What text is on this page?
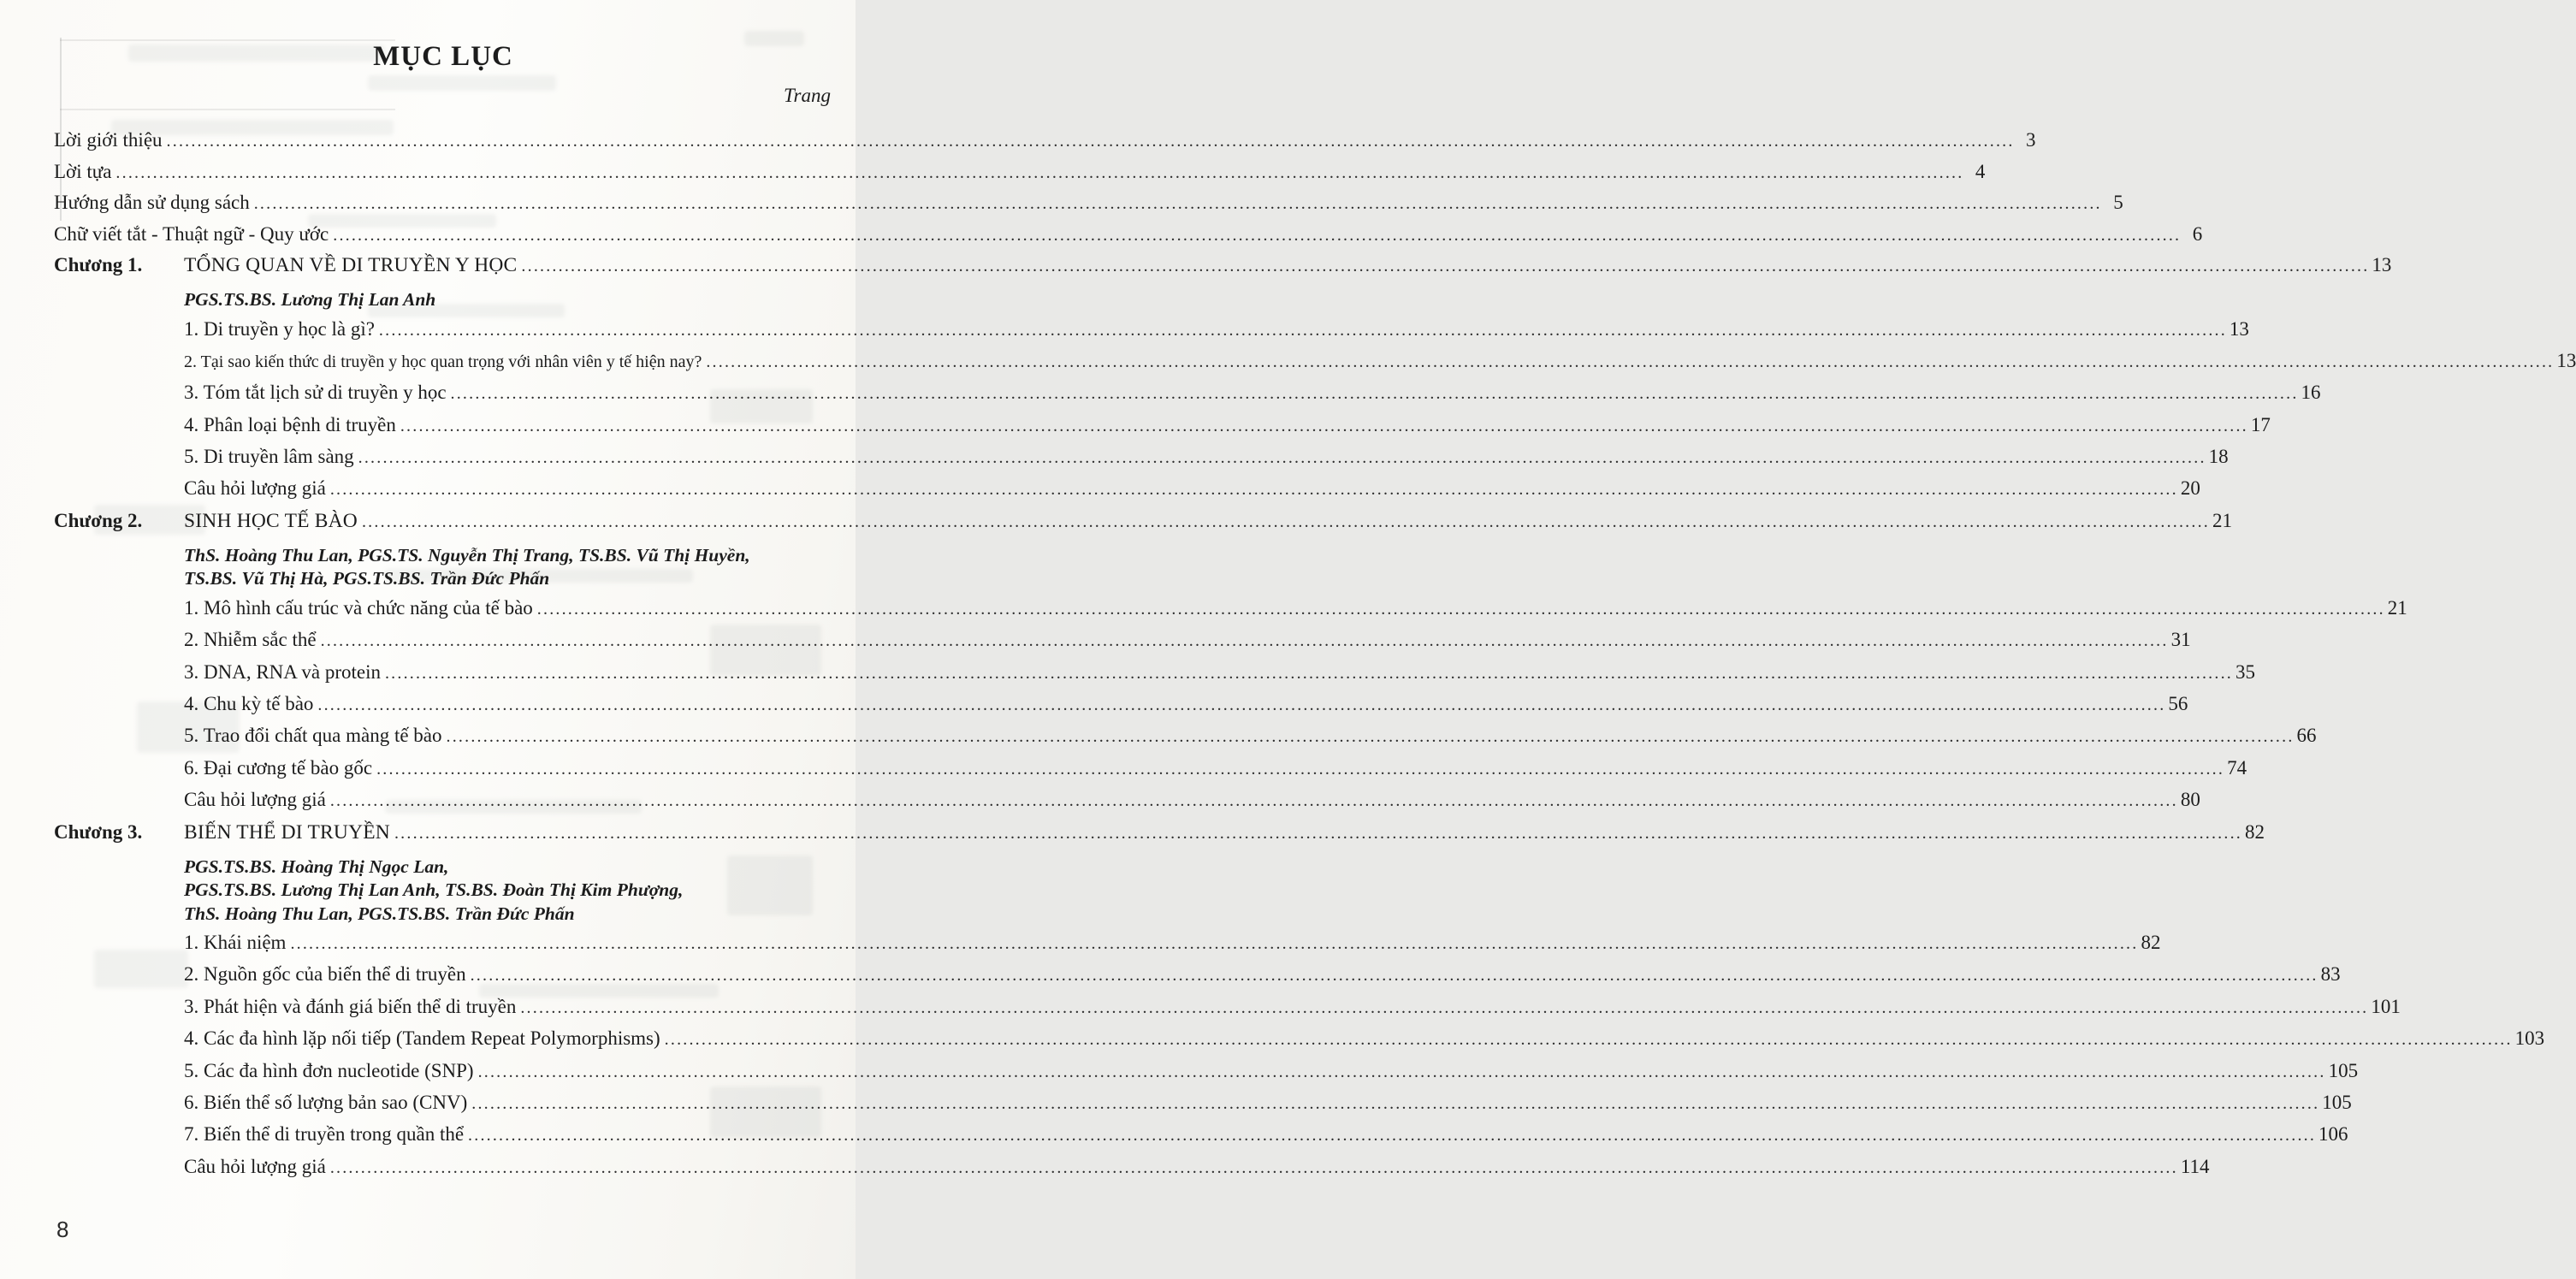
MỤC LỤC
Trang
Lời giới thiệu ............................................................................................................................................................................................................................................................................................................ 3
Lời tựa ............................................................................................................................................................................................................................................................................................................ 4
Hướng dẫn sử dụng sách ............................................................................................................................................................................................................................................................................................................ 5
Chữ viết tắt - Thuật ngữ - Quy ước ............................................................................................................................................................................................................................................................................................................ 6
Chương 1.	TỔNG QUAN VỀ DI TRUYỀN Y HỌC ............................................................................................................................................................................................................................................................................................................ 13
PGS.TS.BS. Lương Thị Lan Anh
1. Di truyền y học là gì? ............................................................................................................................................................................................................................................................................................................ 13
2. Tại sao kiến thức di truyền y học quan trọng với nhân viên y tế hiện nay? ............................................................................................................................................................................................................................................................................................................ 13
3. Tóm tắt lịch sử di truyền y học ............................................................................................................................................................................................................................................................................................................ 16
4. Phân loại bệnh di truyền ............................................................................................................................................................................................................................................................................................................ 17
5. Di truyền lâm sàng ............................................................................................................................................................................................................................................................................................................ 18
Câu hỏi lượng giá ............................................................................................................................................................................................................................................................................................................ 20
Chương 2.	SINH HỌC TẾ BÀO ............................................................................................................................................................................................................................................................................................................ 21
ThS. Hoàng Thu Lan, PGS.TS. Nguyễn Thị Trang, TS.BS. Vũ Thị Huyền,
TS.BS. Vũ Thị Hà, PGS.TS.BS. Trần Đức Phấn
1. Mô hình cấu trúc và chức năng của tế bào ............................................................................................................................................................................................................................................................................................................ 21
2. Nhiễm sắc thể ............................................................................................................................................................................................................................................................................................................ 31
3. DNA, RNA và protein ............................................................................................................................................................................................................................................................................................................ 35
4. Chu kỳ tế bào ............................................................................................................................................................................................................................................................................................................ 56
5. Trao đổi chất qua màng tế bào ............................................................................................................................................................................................................................................................................................................ 66
6. Đại cương tế bào gốc ............................................................................................................................................................................................................................................................................................................ 74
Câu hỏi lượng giá ............................................................................................................................................................................................................................................................................................................ 80
Chương 3.	BIẾN THỂ DI TRUYỀN ............................................................................................................................................................................................................................................................................................................ 82
PGS.TS.BS. Hoàng Thị Ngọc Lan,
PGS.TS.BS. Lương Thị Lan Anh, TS.BS. Đoàn Thị Kim Phượng,
ThS. Hoàng Thu Lan, PGS.TS.BS. Trần Đức Phấn
1. Khái niệm ............................................................................................................................................................................................................................................................................................................ 82
2. Nguồn gốc của biến thể di truyền ............................................................................................................................................................................................................................................................................................................ 83
3. Phát hiện và đánh giá biến thể di truyền ............................................................................................................................................................................................................................................................................................................ 101
4. Các đa hình lặp nối tiếp (Tandem Repeat Polymorphisms) ............................................................................................................................................................................................................................................................................................................ 103
5. Các đa hình đơn nucleotide (SNP) ............................................................................................................................................................................................................................................................................................................ 105
6. Biến thể số lượng bản sao (CNV) ............................................................................................................................................................................................................................................................................................................ 105
7. Biến thể di truyền trong quần thể ............................................................................................................................................................................................................................................................................................................ 106
Câu hỏi lượng giá ............................................................................................................................................................................................................................................................................................................ 114
8
